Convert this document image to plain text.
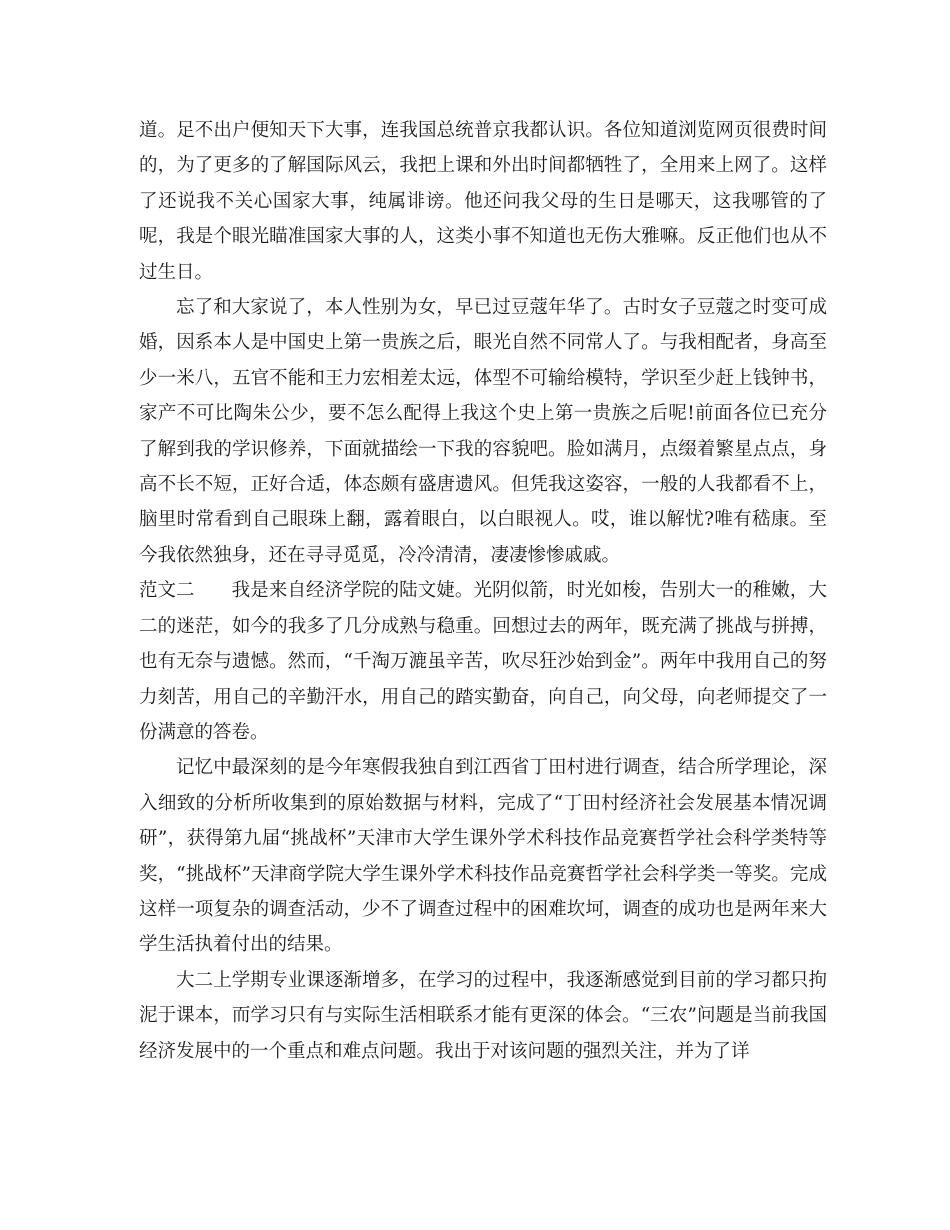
道。足不出户便知天下大事，连我国总统普京我都认识。各位知道浏览网页很费时间的，为了更多的了解国际风云，我把上课和外出时间都牺牲了，全用来上网了。这样了还说我不关心国家大事，纯属诽谤。他还问我父母的生日是哪天，这我哪管的了呢，我是个眼光瞄准国家大事的人，这类小事不知道也无伤大雅嘛。反正他们也从不过生日。

忘了和大家说了，本人性别为女，早已过豆蔻年华了。古时女子豆蔻之时变可成婚，因系本人是中国史上第一贵族之后，眼光自然不同常人了。与我相配者，身高至少一米八，五官不能和王力宏相差太远，体型不可输给模特，学识至少赶上钱钟书，家产不可比陶朱公少，要不怎么配得上我这个史上第一贵族之后呢!前面各位已充分了解到我的学识修养，下面就描绘一下我的容貌吧。脸如满月，点缀着繁星点点，身高不长不短，正好合适，体态颇有盛唐遗风。但凭我这姿容，一般的人我都看不上，脑里时常看到自己眼珠上翻，露着眼白，以白眼视人。哎，谁以解忧?唯有嵇康。至今我依然独身，还在寻寻觅觅，冷冷清清，凄凄惨惨戚戚。

范文二 我是来自经济学院的陆文婕。光阴似箭，时光如梭，告别大一的稚嫩，大二的迷茫，如今的我多了几分成熟与稳重。回想过去的两年，既充满了挑战与拼搏，也有无奈与遗憾。然而，“千淘万漉虽辛苦，吹尽狂沙始到金”。两年中我用自己的努力刻苦，用自己的辛勤汗水，用自己的踏实勤奋，向自己，向父母，向老师提交了一份满意的答卷。

记忆中最深刻的是今年寒假我独自到江西省丁田村进行调查，结合所学理论，深入细致的分析所收集到的原始数据与材料，完成了“丁田村经济社会发展基本情况调研”，获得第九届“挑战杯”天津市大学生课外学术科技作品竞赛哲学社会科学类特等奖，“挑战杯”天津商学院大学生课外学术科技作品竞赛哲学社会科学类一等奖。完成这样一项复杂的调查活动，少不了调查过程中的困难坎坷，调查的成功也是两年来大学生活执着付出的结果。

大二上学期专业课逐渐增多，在学习的过程中，我逐渐感觉到目前的学习都只拘泥于课本，而学习只有与实际生活相联系才能有更深的体会。“三农”问题是当前我国经济发展中的一个重点和难点问题。我出于对该问题的强烈关注，并为了详
